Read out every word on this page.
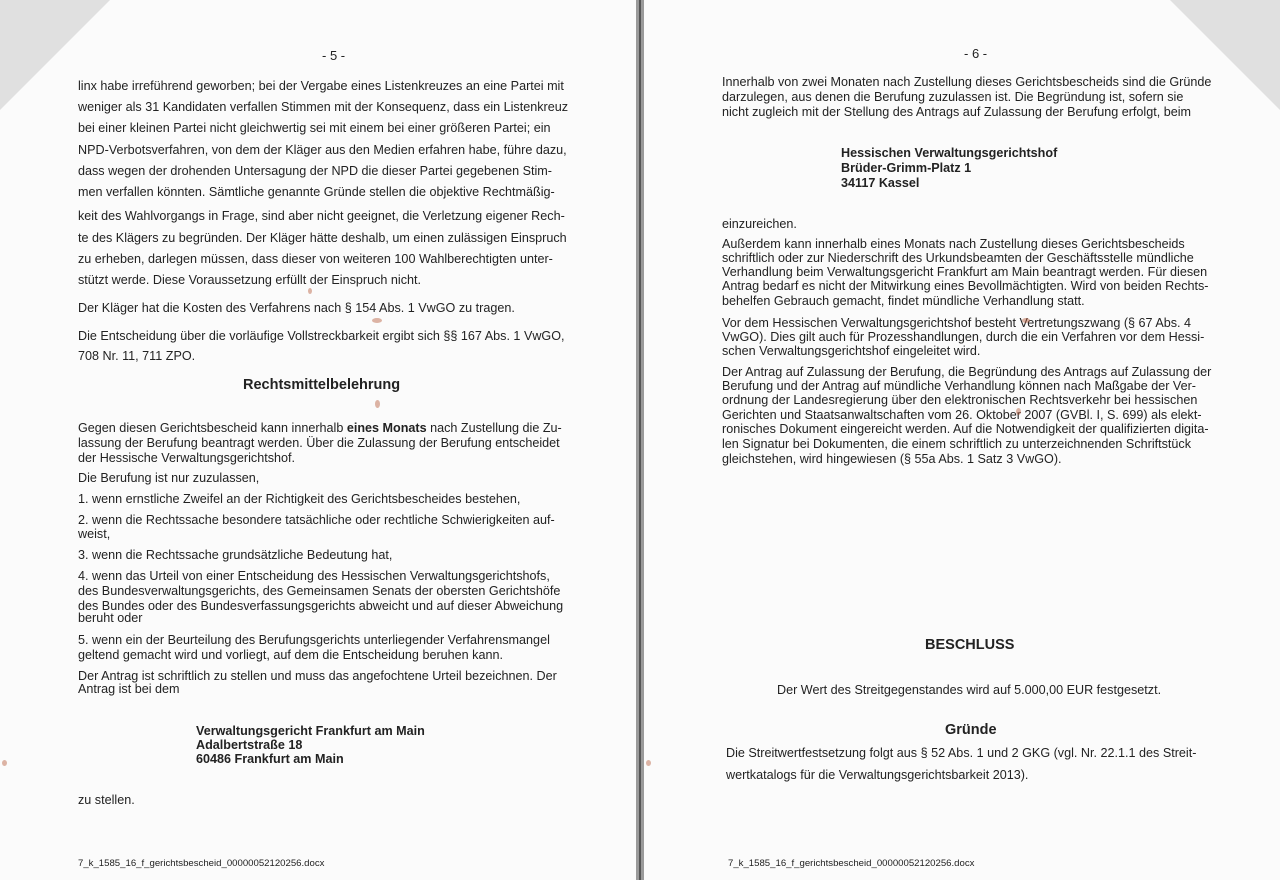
- 5 -

linx habe irreführend geworben; bei der Vergabe eines Listenkreuzes an eine Partei mit

weniger als 31 Kandidaten verfallen Stimmen mit der Konsequenz, dass ein Listenkreuz

bei einer kleinen Partei nicht gleichwertig sei mit einem bei einer größeren Partei; ein

NPD-Verbotsverfahren, von dem der Kläger aus den Medien erfahren habe, führe dazu,

dass wegen der drohenden Untersagung der NPD die dieser Partei gegebenen Stim-

men verfallen könnten. Sämtliche genannte Gründe stellen die objektive Rechtmäßig-

keit des Wahlvorgangs in Frage, sind aber nicht geeignet, die Verletzung eigener Rech-

te des Klägers zu begründen. Der Kläger hätte deshalb, um einen zulässigen Einspruch

zu erheben, darlegen müssen, dass dieser von weiteren 100 Wahlberechtigten unter-

stützt werde. Diese Voraussetzung erfüllt der Einspruch nicht.

Der Kläger hat die Kosten des Verfahrens nach § 154 Abs. 1 VwGO zu tragen.

Die Entscheidung über die vorläufige Vollstreckbarkeit ergibt sich §§ 167 Abs. 1 VwGO,

708 Nr. 11, 711 ZPO.

Rechtsmittelbelehrung

Gegen diesen Gerichtsbescheid kann innerhalb eines Monats nach Zustellung die Zu-

lassung der Berufung beantragt werden. Über die Zulassung der Berufung entscheidet

der Hessische Verwaltungsgerichtshof.

Die Berufung ist nur zuzulassen,

1. wenn ernstliche Zweifel an der Richtigkeit des Gerichtsbescheides bestehen,

2. wenn die Rechtssache besondere tatsächliche oder rechtliche Schwierigkeiten auf-

weist,

3. wenn die Rechtssache grundsätzliche Bedeutung hat,

4. wenn das Urteil von einer Entscheidung des Hessischen Verwaltungsgerichtshofs,

des Bundesverwaltungsgerichts, des Gemeinsamen Senats der obersten Gerichtshöfe

des Bundes oder des Bundesverfassungsgerichts abweicht und auf dieser Abweichung

beruht oder

5. wenn ein der Beurteilung des Berufungsgerichts unterliegender Verfahrensmangel

geltend gemacht wird und vorliegt, auf dem die Entscheidung beruhen kann.

Der Antrag ist schriftlich zu stellen und muss das angefochtene Urteil bezeichnen. Der

Antrag ist bei dem

Verwaltungsgericht Frankfurt am Main

Adalbertstraße 18

60486 Frankfurt am Main

zu stellen.

7_k_1585_16_f_gerichtsbescheid_00000052120256.docx
- 6 -

Innerhalb von zwei Monaten nach Zustellung dieses Gerichtsbescheids sind die Gründe

darzulegen, aus denen die Berufung zuzulassen ist. Die Begründung ist, sofern sie

nicht zugleich mit der Stellung des Antrags auf Zulassung der Berufung erfolgt, beim

Hessischen Verwaltungsgerichtshof

Brüder-Grimm-Platz 1

34117 Kassel

einzureichen.

Außerdem kann innerhalb eines Monats nach Zustellung dieses Gerichtsbescheids

schriftlich oder zur Niederschrift des Urkundsbeamten der Geschäftsstelle mündliche

Verhandlung beim Verwaltungsgericht Frankfurt am Main beantragt werden. Für diesen

Antrag bedarf es nicht der Mitwirkung eines Bevollmächtigten. Wird von beiden Rechts-

behelfen Gebrauch gemacht, findet mündliche Verhandlung statt.

Vor dem Hessischen Verwaltungsgerichtshof besteht Vertretungszwang (§ 67 Abs. 4

VwGO). Dies gilt auch für Prozesshandlungen, durch die ein Verfahren vor dem Hessi-

schen Verwaltungsgerichtshof eingeleitet wird.

Der Antrag auf Zulassung der Berufung, die Begründung des Antrags auf Zulassung der

Berufung und der Antrag auf mündliche Verhandlung können nach Maßgabe der Ver-

ordnung der Landesregierung über den elektronischen Rechtsverkehr bei hessischen

Gerichten und Staatsanwaltschaften vom 26. Oktober 2007 (GVBl. I, S. 699) als elekt-

ronisches Dokument eingereicht werden. Auf die Notwendigkeit der qualifizierten digita-

len Signatur bei Dokumenten, die einem schriftlich zu unterzeichnenden Schriftstück

gleichstehen, wird hingewiesen (§ 55a Abs. 1 Satz 3 VwGO).

BESCHLUSS

Der Wert des Streitgegenstandes wird auf 5.000,00 EUR festgesetzt.

Gründe

Die Streitwertfestsetzung folgt aus § 52 Abs. 1 und 2 GKG (vgl. Nr. 22.1.1 des Streit-

wertkatalogs für die Verwaltungsgerichtsbarkeit 2013).

7_k_1585_16_f_gerichtsbescheid_00000052120256.docx
